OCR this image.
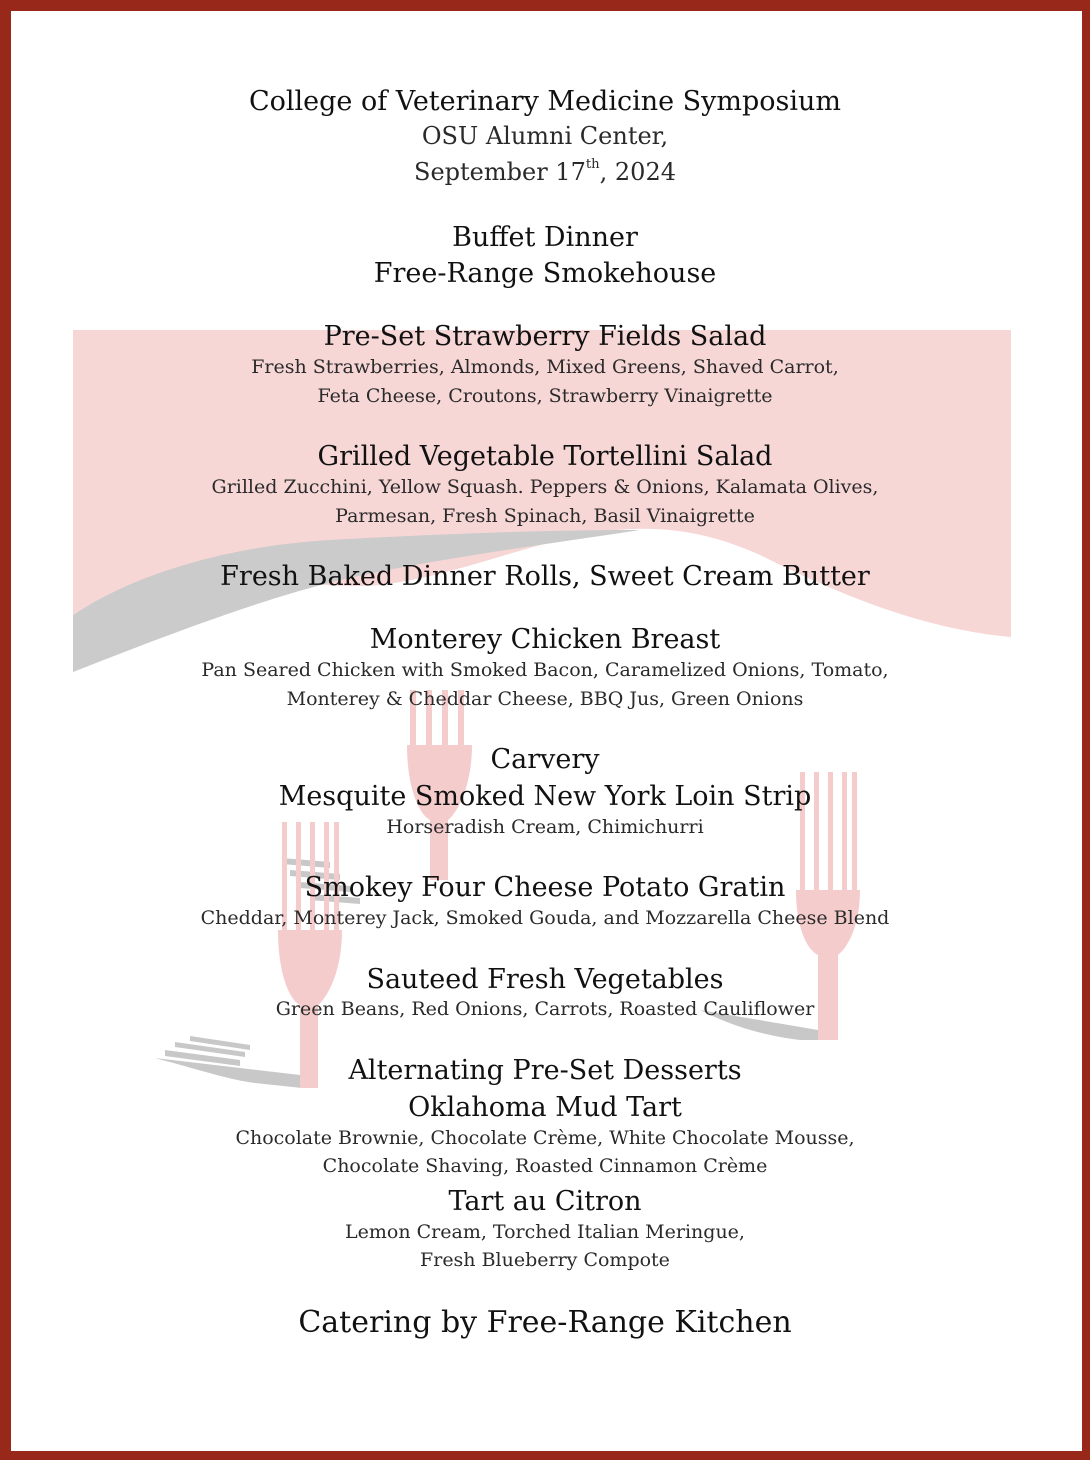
College of Veterinary Medicine Symposium
OSU Alumni Center,
September 17th, 2024
Buffet Dinner
Free-Range Smokehouse
Pre-Set Strawberry Fields Salad
Fresh Strawberries, Almonds, Mixed Greens, Shaved Carrot,
Feta Cheese, Croutons, Strawberry Vinaigrette
Grilled Vegetable Tortellini Salad
Grilled Zucchini, Yellow Squash. Peppers & Onions, Kalamata Olives,
Parmesan, Fresh Spinach, Basil Vinaigrette
Fresh Baked Dinner Rolls, Sweet Cream Butter
Monterey Chicken Breast
Pan Seared Chicken with Smoked Bacon, Caramelized Onions, Tomato,
Monterey & Cheddar Cheese, BBQ Jus, Green Onions
Carvery
Mesquite Smoked New York Loin Strip
Horseradish Cream, Chimichurri
Smokey Four Cheese Potato Gratin
Cheddar, Monterey Jack, Smoked Gouda, and Mozzarella Cheese Blend
Sauteed Fresh Vegetables
Green Beans, Red Onions, Carrots, Roasted Cauliflower
Alternating Pre-Set Desserts
Oklahoma Mud Tart
Chocolate Brownie, Chocolate Crème, White Chocolate Mousse,
Chocolate Shaving, Roasted Cinnamon Crème
Tart au Citron
Lemon Cream, Torched Italian Meringue,
Fresh Blueberry Compote
Catering by Free-Range Kitchen
